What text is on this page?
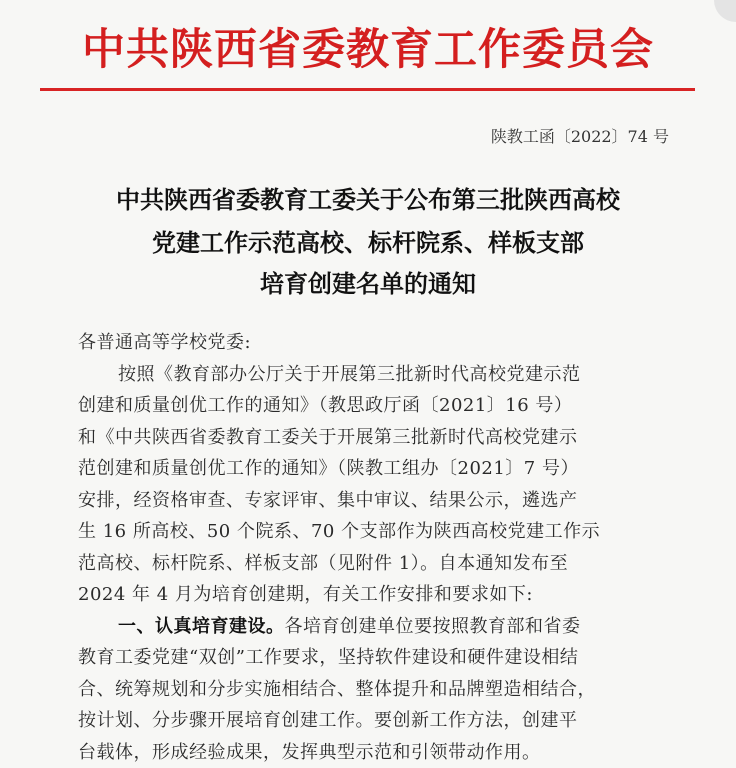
中共陕西省委教育工作委员会
陕教工函〔2022〕74 号
中共陕西省委教育工委关于公布第三批陕西高校
党建工作示范高校、标杆院系、样板支部
培育创建名单的通知
各普通高等学校党委:
按照《教育部办公厅关于开展第三批新时代高校党建示范
创建和质量创优工作的通知》（教思政厅函〔2021〕16 号）
和《中共陕西省委教育工委关于开展第三批新时代高校党建示
范创建和质量创优工作的通知》（陕教工组办〔2021〕7 号）
安排，经资格审查、专家评审、集中审议、结果公示，遴选产
生 16 所高校、50 个院系、70 个支部作为陕西高校党建工作示
范高校、标杆院系、样板支部（见附件 1）。自本通知发布至
2024 年 4 月为培育创建期，有关工作安排和要求如下:
一、认真培育建设。各培育创建单位要按照教育部和省委
教育工委党建“双创”工作要求，坚持软件建设和硬件建设相结
合、统筹规划和分步实施相结合、整体提升和品牌塑造相结合，
按计划、分步骤开展培育创建工作。要创新工作方法，创建平
台载体，形成经验成果，发挥典型示范和引领带动作用。
